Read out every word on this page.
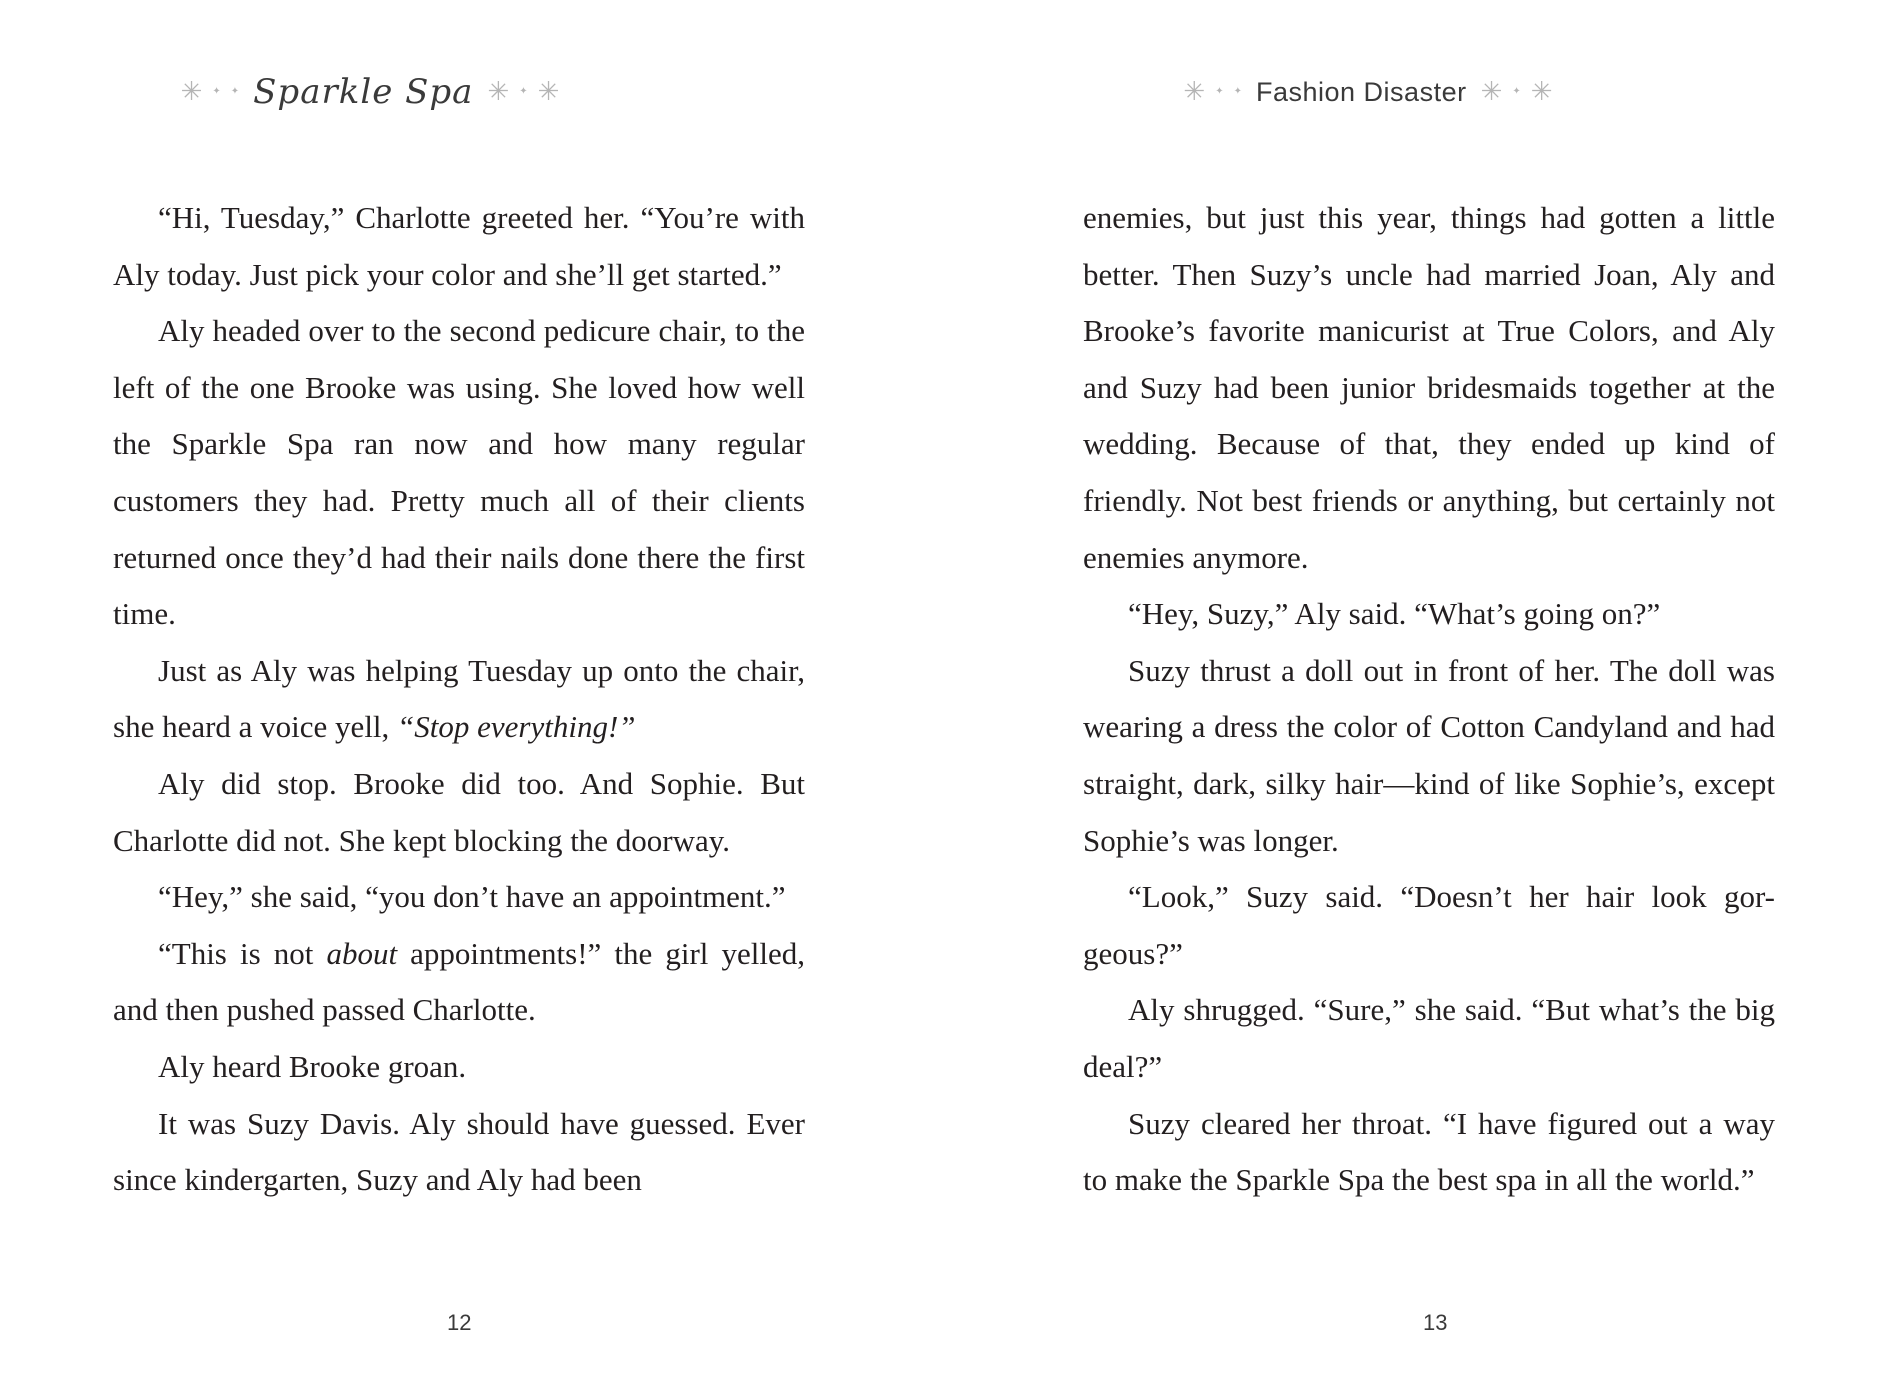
✳ ✦ ✦ Sparkle Spa ✳ ✦ ✳

“Hi, Tuesday,” Charlotte greeted her. “You’re with Aly today. Just pick your color and she’ll get started.”

Aly headed over to the second pedicure chair, to the left of the one Brooke was using. She loved how well the Sparkle Spa ran now and how many regular customers they had. Pretty much all of their clients returned once they’d had their nails done there the first time.

Just as Aly was helping Tuesday up onto the chair, she heard a voice yell, “Stop everything!”

Aly did stop. Brooke did too. And Sophie. But Charlotte did not. She kept blocking the doorway.

“Hey,” she said, “you don’t have an appointment.”

“This is not about appointments!” the girl yelled, and then pushed passed Charlotte.

Aly heard Brooke groan.

It was Suzy Davis. Aly should have guessed. Ever since kindergarten, Suzy and Aly had been

12
✳ ✦ ✦ Fashion Disaster ✳ ✦ ✳

enemies, but just this year, things had gotten a little better. Then Suzy’s uncle had married Joan, Aly and Brooke’s favorite manicurist at True Colors, and Aly and Suzy had been junior bridesmaids together at the wedding. Because of that, they ended up kind of friendly. Not best friends or anything, but certainly not enemies anymore.

“Hey, Suzy,” Aly said. “What’s going on?”

Suzy thrust a doll out in front of her. The doll was wearing a dress the color of Cotton Candyland and had straight, dark, silky hair—kind of like Sophie’s, except Sophie’s was longer.

“Look,” Suzy said. “Doesn’t her hair look gor-geous?”

Aly shrugged. “Sure,” she said. “But what’s the big deal?”

Suzy cleared her throat. “I have figured out a way to make the Sparkle Spa the best spa in all the world.”

13
